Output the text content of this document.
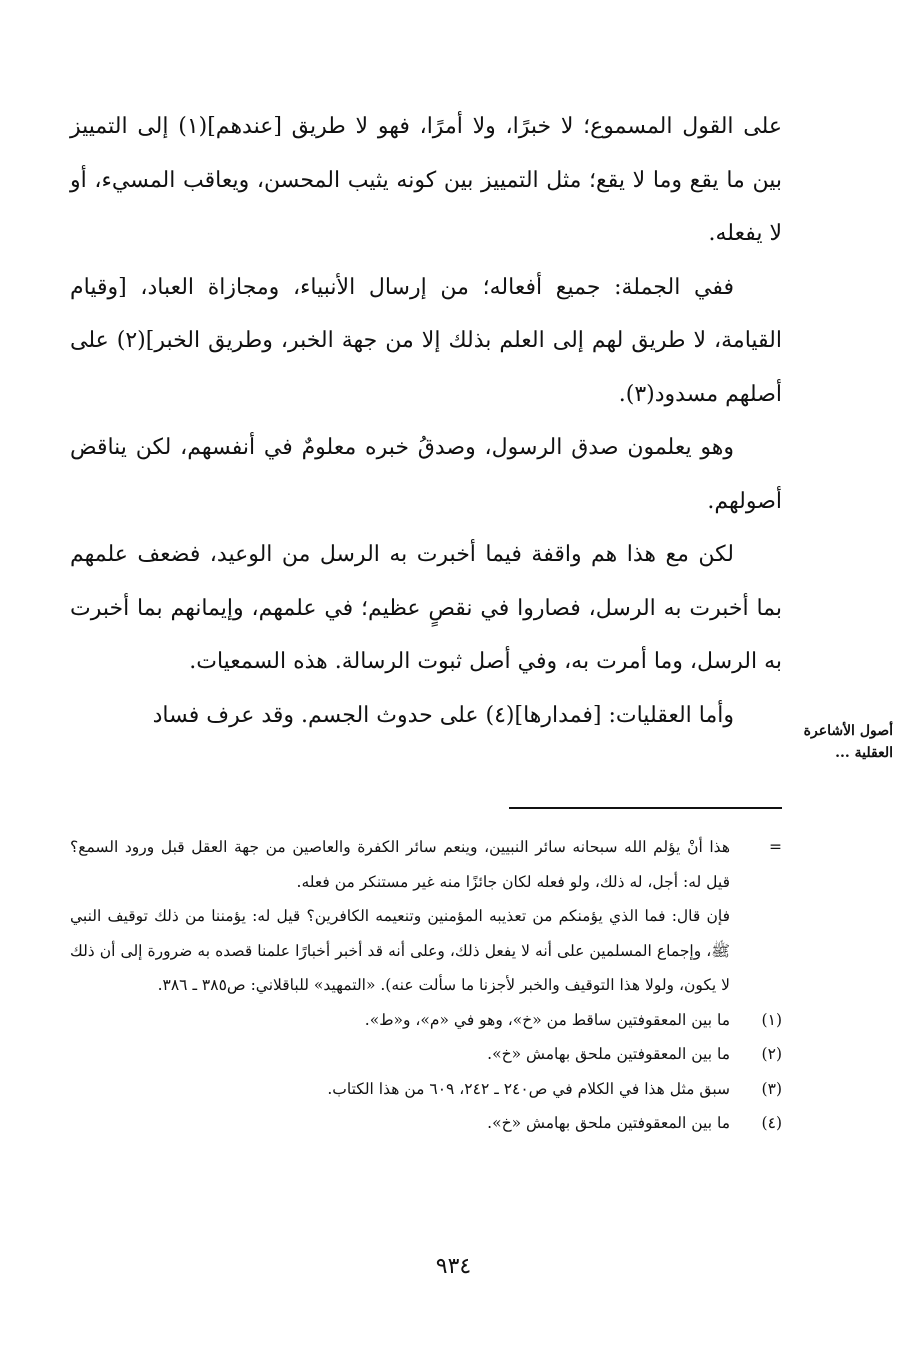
على القول المسموع؛ لا خبرًا، ولا أمرًا، فهو لا طريق [عندهم](١) إلى التمييز بين ما يقع وما لا يقع؛ مثل التمييز بين كونه يثيب المحسن، ويعاقب المسيء، أو لا يفعله.

ففي الجملة: جميع أفعاله؛ من إرسال الأنبياء، ومجازاة العباد، [وقيام القيامة، لا طريق لهم إلى العلم بذلك إلا من جهة الخبر، وطريق الخبر](٢) على أصلهم مسدود(٣).

وهو يعلمون صدق الرسول، وصدقُ خبره معلومٌ في أنفسهم، لكن يناقض أصولهم.

لكن مع هذا هم واقفة فيما أخبرت به الرسل من الوعيد، فضعف علمهم بما أخبرت به الرسل، فصاروا في نقصٍ عظيم؛ في علمهم، وإيمانهم بما أخبرت به الرسل، وما أمرت به، وفي أصل ثبوت الرسالة. هذه السمعيات.

وأما العقليات: [فمدارها](٤) على حدوث الجسم. وقد عرف فساد

أصول الأشاعرة
العقلية ...
=

هذا أنْ يؤلم الله سبحانه سائر النبيين، وينعم سائر الكفرة والعاصين من جهة العقل قبل ورود السمع؟ قيل له: أجل، له ذلك، ولو فعله لكان جائزًا منه غير مستنكر من فعله.

فإن قال: فما الذي يؤمنكم من تعذيبه المؤمنين وتنعيمه الكافرين؟ قيل له: يؤمننا من ذلك توقيف النبي ﷺ، وإجماع المسلمين على أنه لا يفعل ذلك، وعلى أنه قد أخبر أخبارًا علمنا قصده به ضرورة إلى أن ذلك لا يكون، ولولا هذا التوقيف والخبر لأجزنا ما سألت عنه). «التمهيد» للباقلاني: ص٣٨٥ ـ ٣٨٦.

(١)
ما بين المعقوفتين ساقط من «خ»، وهو في «م»، و«ط».
(٢)
ما بين المعقوفتين ملحق بهامش «خ».
(٣)
سبق مثل هذا في الكلام في ص٢٤٠ ـ ٢٤٢، ٦٠٩ من هذا الكتاب.
(٤)
ما بين المعقوفتين ملحق بهامش «خ».
٩٣٤
